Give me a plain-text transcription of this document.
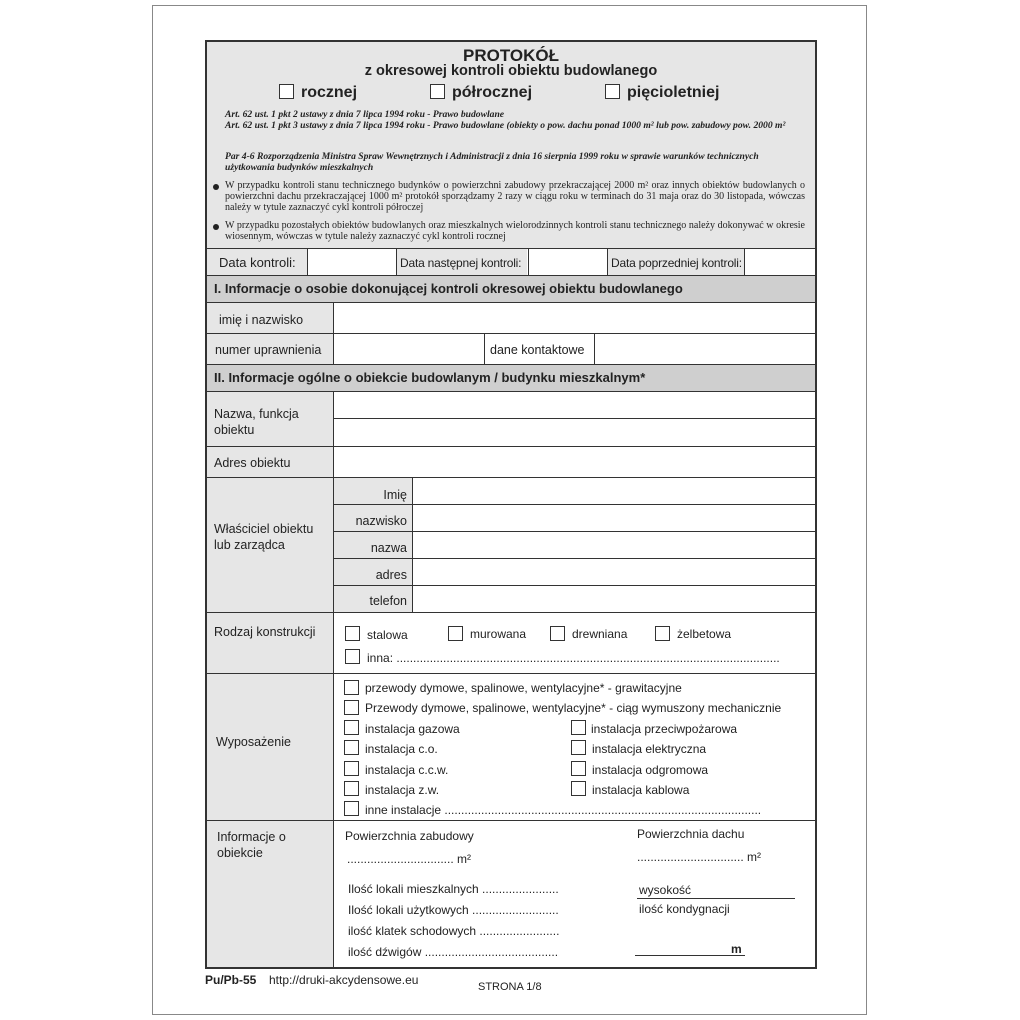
PROTOKÓŁ
z okresowej kontroli obiektu budowlanego
rocznej	półrocznej	pięcioletniej
Art. 62 ust. 1 pkt 2 ustawy z dnia 7 lipca 1994 roku - Prawo budowlane
Art. 62 ust. 1 pkt 3 ustawy z dnia 7 lipca 1994 roku - Prawo budowlane (obiekty o pow. dachu ponad 1000 m² lub pow. zabudowy pow. 2000 m²
Par 4-6 Rozporządzenia Ministra Spraw Wewnętrznych i Administracji z dnia 16 sierpnia 1999 roku w sprawie warunków technicznych użytkowania budynków mieszkalnych
W przypadku kontroli stanu technicznego budynków o powierzchni zabudowy przekraczającej 2000 m² oraz innych obiektów budowlanych o powierzchni dachu przekraczającej 1000 m² protokół sporządzamy 2 razy w ciągu roku w terminach do 31 maja oraz do 30 listopada, wówczas należy w tytule zaznaczyć cykl kontroli półroczej
W przypadku pozostałych obiektów budowlanych oraz mieszkalnych wielorodzinnych kontroli stanu technicznego należy dokonywać w okresie wiosennym, wówczas w tytule należy zaznaczyć cykl kontroli rocznej
Data kontroli:	Data następnej kontroli:	Data poprzedniej kontroli:
I. Informacje o osobie dokonującej kontroli okresowej obiektu budowlanego
imię i nazwisko
numer uprawnienia	dane kontaktowe
II. Informacje ogólne o obiekcie budowlanym / budynku mieszkalnym*
Nazwa, funkcja obiektu
Adres obiektu
Właściciel obiektu lub zarządca
Imię
nazwisko
nazwa
adres
telefon
Rodzaj konstrukcji	stalowa	murowana	drewniana	żelbetowa
inna: ...................................................................................................................
Wyposażenie
przewody dymowe, spalinowe, wentylacyjne* - grawitacyjne
Przewody dymowe, spalinowe, wentylacyjne* - ciąg wymuszony mechanicznie
instalacja gazowa
instalacja c.o.
instalacja c.c.w.
instalacja z.w.
instalacja przeciwpożarowa
instalacja elektryczna
instalacja odgromowa
instalacja kablowa
inne instalacje ...............................................................................................
Informacje o obiekcie
Powierzchnia zabudowy
................................ m²
Powierzchnia dachu
................................ m²
Ilość lokali mieszkalnych .......................
Ilość lokali użytkowych ..........................
ilość klatek schodowych ........................
ilość dźwigów ........................................
wysokość
ilość kondygnacji
m
Pu/Pb-55 http://druki-akcydensowe.eu	STRONA 1/8
